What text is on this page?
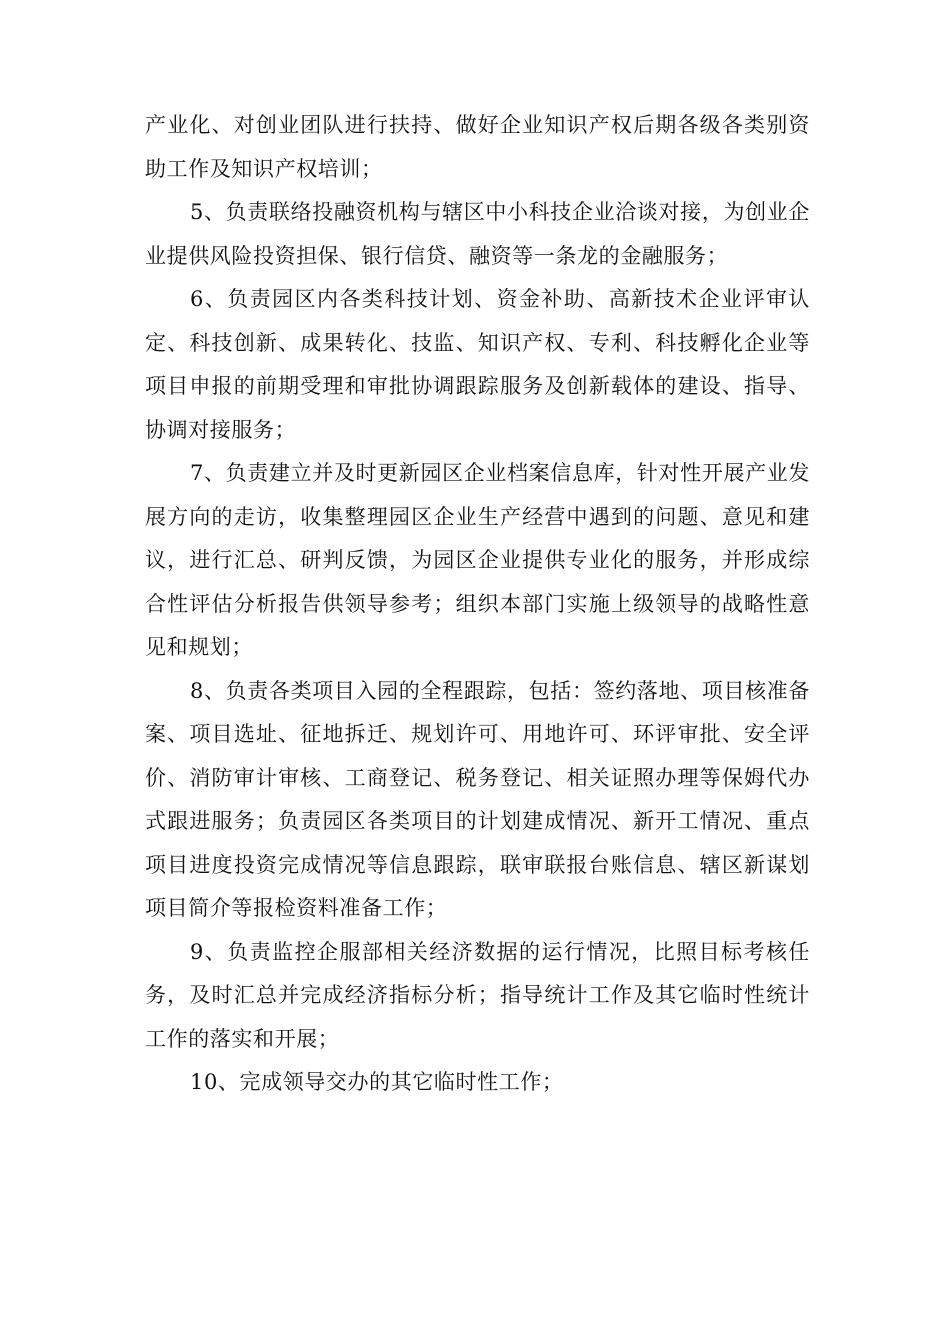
产业化、对创业团队进行扶持、做好企业知识产权后期各级各类别资助工作及知识产权培训；

5、负责联络投融资机构与辖区中小科技企业洽谈对接，为创业企业提供风险投资担保、银行信贷、融资等一条龙的金融服务；

6、负责园区内各类科技计划、资金补助、高新技术企业评审认定、科技创新、成果转化、技监、知识产权、专利、科技孵化企业等项目申报的前期受理和审批协调跟踪服务及创新载体的建设、指导、协调对接服务；

7、负责建立并及时更新园区企业档案信息库，针对性开展产业发展方向的走访，收集整理园区企业生产经营中遇到的问题、意见和建议，进行汇总、研判反馈，为园区企业提供专业化的服务，并形成综合性评估分析报告供领导参考；组织本部门实施上级领导的战略性意见和规划；

8、负责各类项目入园的全程跟踪，包括：签约落地、项目核准备案、项目选址、征地拆迁、规划许可、用地许可、环评审批、安全评价、消防审计审核、工商登记、税务登记、相关证照办理等保姆代办式跟进服务；负责园区各类项目的计划建成情况、新开工情况、重点项目进度投资完成情况等信息跟踪，联审联报台账信息、辖区新谋划项目简介等报检资料准备工作；

9、负责监控企服部相关经济数据的运行情况，比照目标考核任务，及时汇总并完成经济指标分析；指导统计工作及其它临时性统计工作的落实和开展；

10、完成领导交办的其它临时性工作；
